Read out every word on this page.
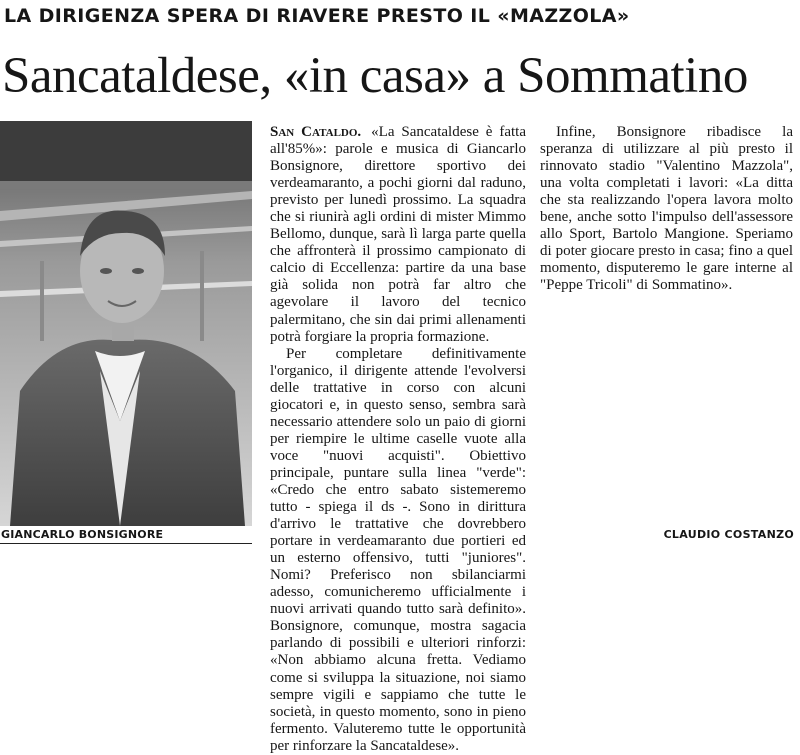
LA DIRIGENZA SPERA DI RIAVERE PRESTO IL «MAZZOLA»
Sancataldese, «in casa» a Sommatino
GIANCARLO BONSIGNORE

San Cataldo. «La Sancataldese è fatta all'85%»: parole e musica di Giancarlo Bonsignore, direttore sportivo dei verdeamaranto, a pochi giorni dal raduno, previsto per lunedì prossimo. La squadra che si riunirà agli ordini di mister Mimmo Bellomo, dunque, sarà lì larga parte quella che affronterà il prossimo campionato di calcio di Eccellenza: partire da una base già solida non potrà far altro che agevolare il lavoro del tecnico palermitano, che sin dai primi allenamenti potrà forgiare la propria formazione.

Per completare definitivamente l'organico, il dirigente attende l'evolversi delle trattative in corso con alcuni giocatori e, in questo senso, sembra sarà necessario attendere solo un paio di giorni per riempire le ultime caselle vuote alla voce "nuovi acquisti". Obiettivo principale, puntare sulla linea "verde": «Credo che entro sabato sistemeremo tutto - spiega il ds -. Sono in dirittura d'arrivo le trattative che dovrebbero portare in verdeamaranto due portieri ed un esterno offensivo, tutti "juniores". Nomi? Preferisco non sbilanciarmi adesso, comunicheremo ufficialmente i nuovi arrivati quando tutto sarà definito». Bonsignore, comunque, mostra sagacia parlando di possibili e ulteriori rinforzi: «Non abbiamo alcuna fretta. Vediamo come si sviluppa la situazione, noi siamo sempre vigili e sappiamo che tutte le società, in questo momento, sono in pieno fermento. Valuteremo tutte le opportunità per rinforzare la Sancataldese».

Infine, Bonsignore ribadisce la speranza di utilizzare al più presto il rinnovato stadio "Valentino Mazzola", una volta completati i lavori: «La ditta che sta realizzando l'opera lavora molto bene, anche sotto l'impulso dell'assessore allo Sport, Bartolo Mangione. Speriamo di poter giocare presto in casa; fino a quel momento, disputeremo le gare interne al "Peppe Tricoli" di Sommatino».

CLAUDIO COSTANZO
